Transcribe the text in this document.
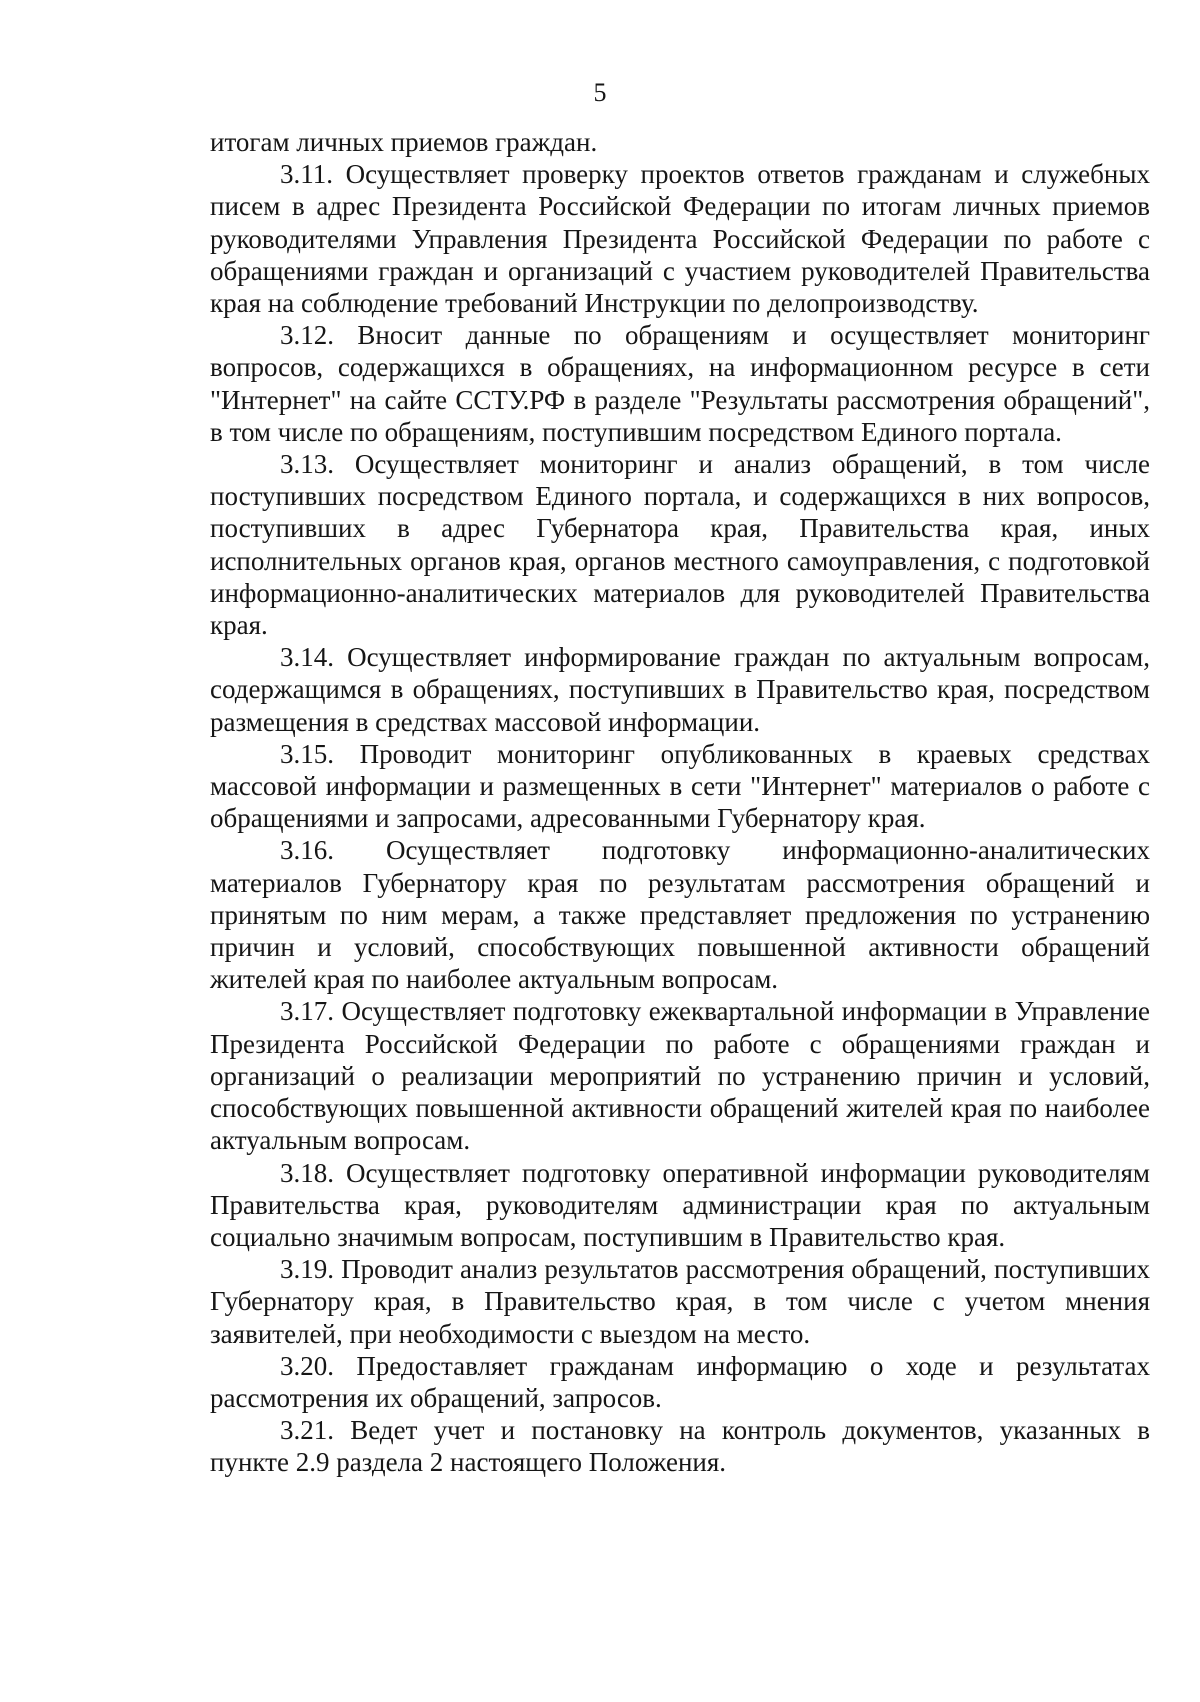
5

итогам личных приемов граждан.

3.11. Осуществляет проверку проектов ответов гражданам и служебных писем в адрес Президента Российской Федерации по итогам личных приемов руководителями Управления Президента Российской Федерации по работе с обращениями граждан и организаций с участием руководителей Правительства края на соблюдение требований Инструкции по делопроизводству.

3.12. Вносит данные по обращениям и осуществляет мониторинг вопросов, содержащихся в обращениях, на информационном ресурсе в сети "Интернет" на сайте ССТУ.РФ в разделе "Результаты рассмотрения обращений", в том числе по обращениям, поступившим посредством Единого портала.

3.13. Осуществляет мониторинг и анализ обращений, в том числе поступивших посредством Единого портала, и содержащихся в них вопросов, поступивших в адрес Губернатора края, Правительства края, иных исполнительных органов края, органов местного самоуправления, с подготовкой информационно-аналитических материалов для руководителей Правительства края.

3.14. Осуществляет информирование граждан по актуальным вопросам, содержащимся в обращениях, поступивших в Правительство края, посредством размещения в средствах массовой информации.

3.15. Проводит мониторинг опубликованных в краевых средствах массовой информации и размещенных в сети "Интернет" материалов о работе с обращениями и запросами, адресованными Губернатору края.

3.16. Осуществляет подготовку информационно-аналитических материалов Губернатору края по результатам рассмотрения обращений и принятым по ним мерам, а также представляет предложения по устранению причин и условий, способствующих повышенной активности обращений жителей края по наиболее актуальным вопросам.

3.17. Осуществляет подготовку ежеквартальной информации в Управление Президента Российской Федерации по работе с обращениями граждан и организаций о реализации мероприятий по устранению причин и условий, способствующих повышенной активности обращений жителей края по наиболее актуальным вопросам.

3.18. Осуществляет подготовку оперативной информации руководителям Правительства края, руководителям администрации края по актуальным социально значимым вопросам, поступившим в Правительство края.

3.19. Проводит анализ результатов рассмотрения обращений, поступивших Губернатору края, в Правительство края, в том числе с учетом мнения заявителей, при необходимости с выездом на место.

3.20. Предоставляет гражданам информацию о ходе и результатах рассмотрения их обращений, запросов.

3.21. Ведет учет и постановку на контроль документов, указанных в пункте 2.9 раздела 2 настоящего Положения.
